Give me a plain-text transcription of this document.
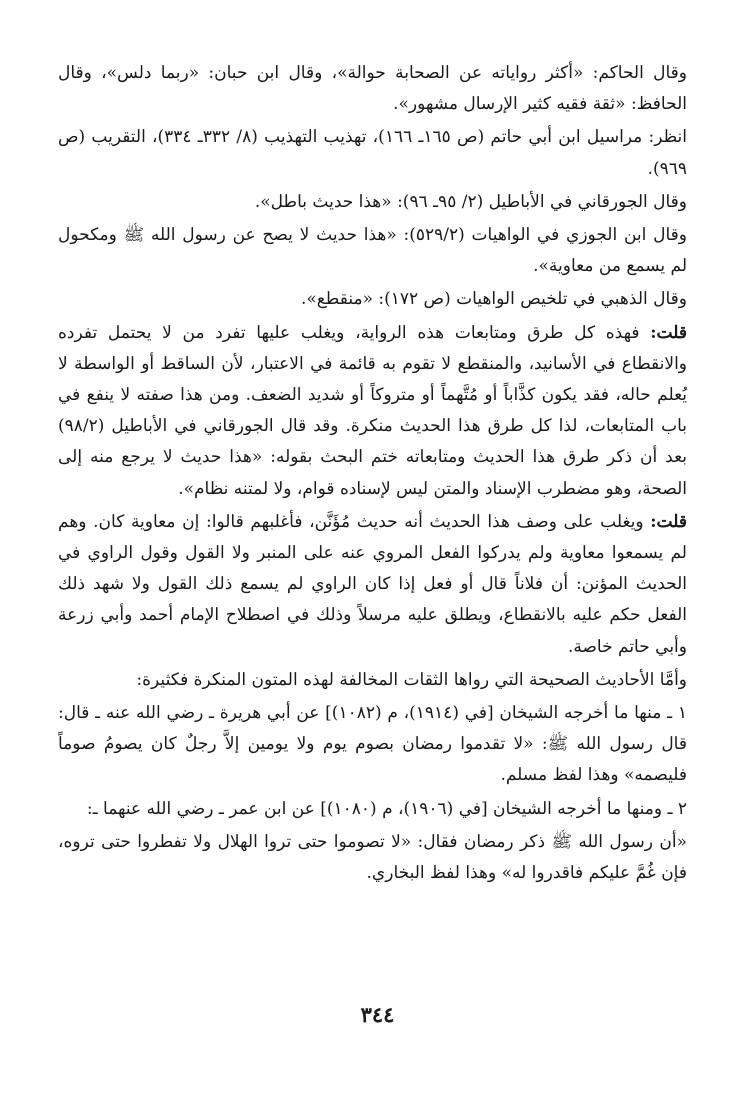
وقال الحاكم: «أكثر رواياته عن الصحابة حوالة»، وقال ابن حبان: «ربما دلس»، وقال الحافظ: «ثقة فقيه كثير الإرسال مشهور».

انظر: مراسيل ابن أبي حاتم (ص ١٦٥ـ ١٦٦)، تهذيب التهذيب (٨/ ٣٣٢ـ ٣٣٤)، التقريب (ص ٩٦٩).

وقال الجورقاني في الأباطيل (٢/ ٩٥ـ ٩٦): «هذا حديث باطل».

وقال ابن الجوزي في الواهيات (٥٢٩/٢): «هذا حديث لا يصح عن رسول الله ﷺ ومكحول لم يسمع من معاوية».

وقال الذهبي في تلخيص الواهيات (ص ١٧٢): «منقطع».

قلت: فهذه كل طرق ومتابعات هذه الرواية، ويغلب عليها تفرد من لا يحتمل تفرده والانقطاع في الأسانيد، والمنقطع لا تقوم به قائمة في الاعتبار، لأن الساقط أو الواسطة لا يُعلم حاله، فقد يكون كذَّاباً أو مُتَّهماً أو متروكاً أو شديد الضعف. ومن هذا صفته لا ينفع في باب المتابعات، لذا كل طرق هذا الحديث منكرة. وقد قال الجورقاني في الأباطيل (٩٨/٢) بعد أن ذكر طرق هذا الحديث ومتابعاته ختم البحث بقوله: «هذا حديث لا يرجع منه إلى الصحة، وهو مضطرب الإسناد والمتن ليس لإسناده قوام، ولا لمتنه نظام».

قلت: ويغلب على وصف هذا الحديث أنه حديث مُؤَنَّن، فأغلبهم قالوا: إن معاوية كان. وهم لم يسمعوا معاوية ولم يدركوا الفعل المروي عنه على المنبر ولا القول وقول الراوي في الحديث المؤنن: أن فلاناً قال أو فعل إذا كان الراوي لم يسمع ذلك القول ولا شهد ذلك الفعل حكم عليه بالانقطاع، ويطلق عليه مرسلاً وذلك في اصطلاح الإمام أحمد وأبي زرعة وأبي حاتم خاصة.

وأمَّا الأحاديث الصحيحة التي رواها الثقات المخالفة لهذه المتون المنكرة فكثيرة:

١ ـ منها ما أخرجه الشيخان [في (١٩١٤)، م (١٠٨٢)] عن أبي هريرة ـ رضي الله عنه ـ قال: قال رسول الله ﷺ: «لا تقدموا رمضان بصوم يوم ولا يومين إلاَّ رجلٌ كان يصومُ صوماً فليصمه» وهذا لفظ مسلم.

٢ ـ ومنها ما أخرجه الشيخان [في (١٩٠٦)، م (١٠٨٠)] عن ابن عمر ـ رضي الله عنهما ـ:

«أن رسول الله ﷺ ذكر رمضان فقال: «لا تصوموا حتى تروا الهلال ولا تفطروا حتى تروه، فإن غُمَّ عليكم فاقدروا له» وهذا لفظ البخاري.

٣٤٤
